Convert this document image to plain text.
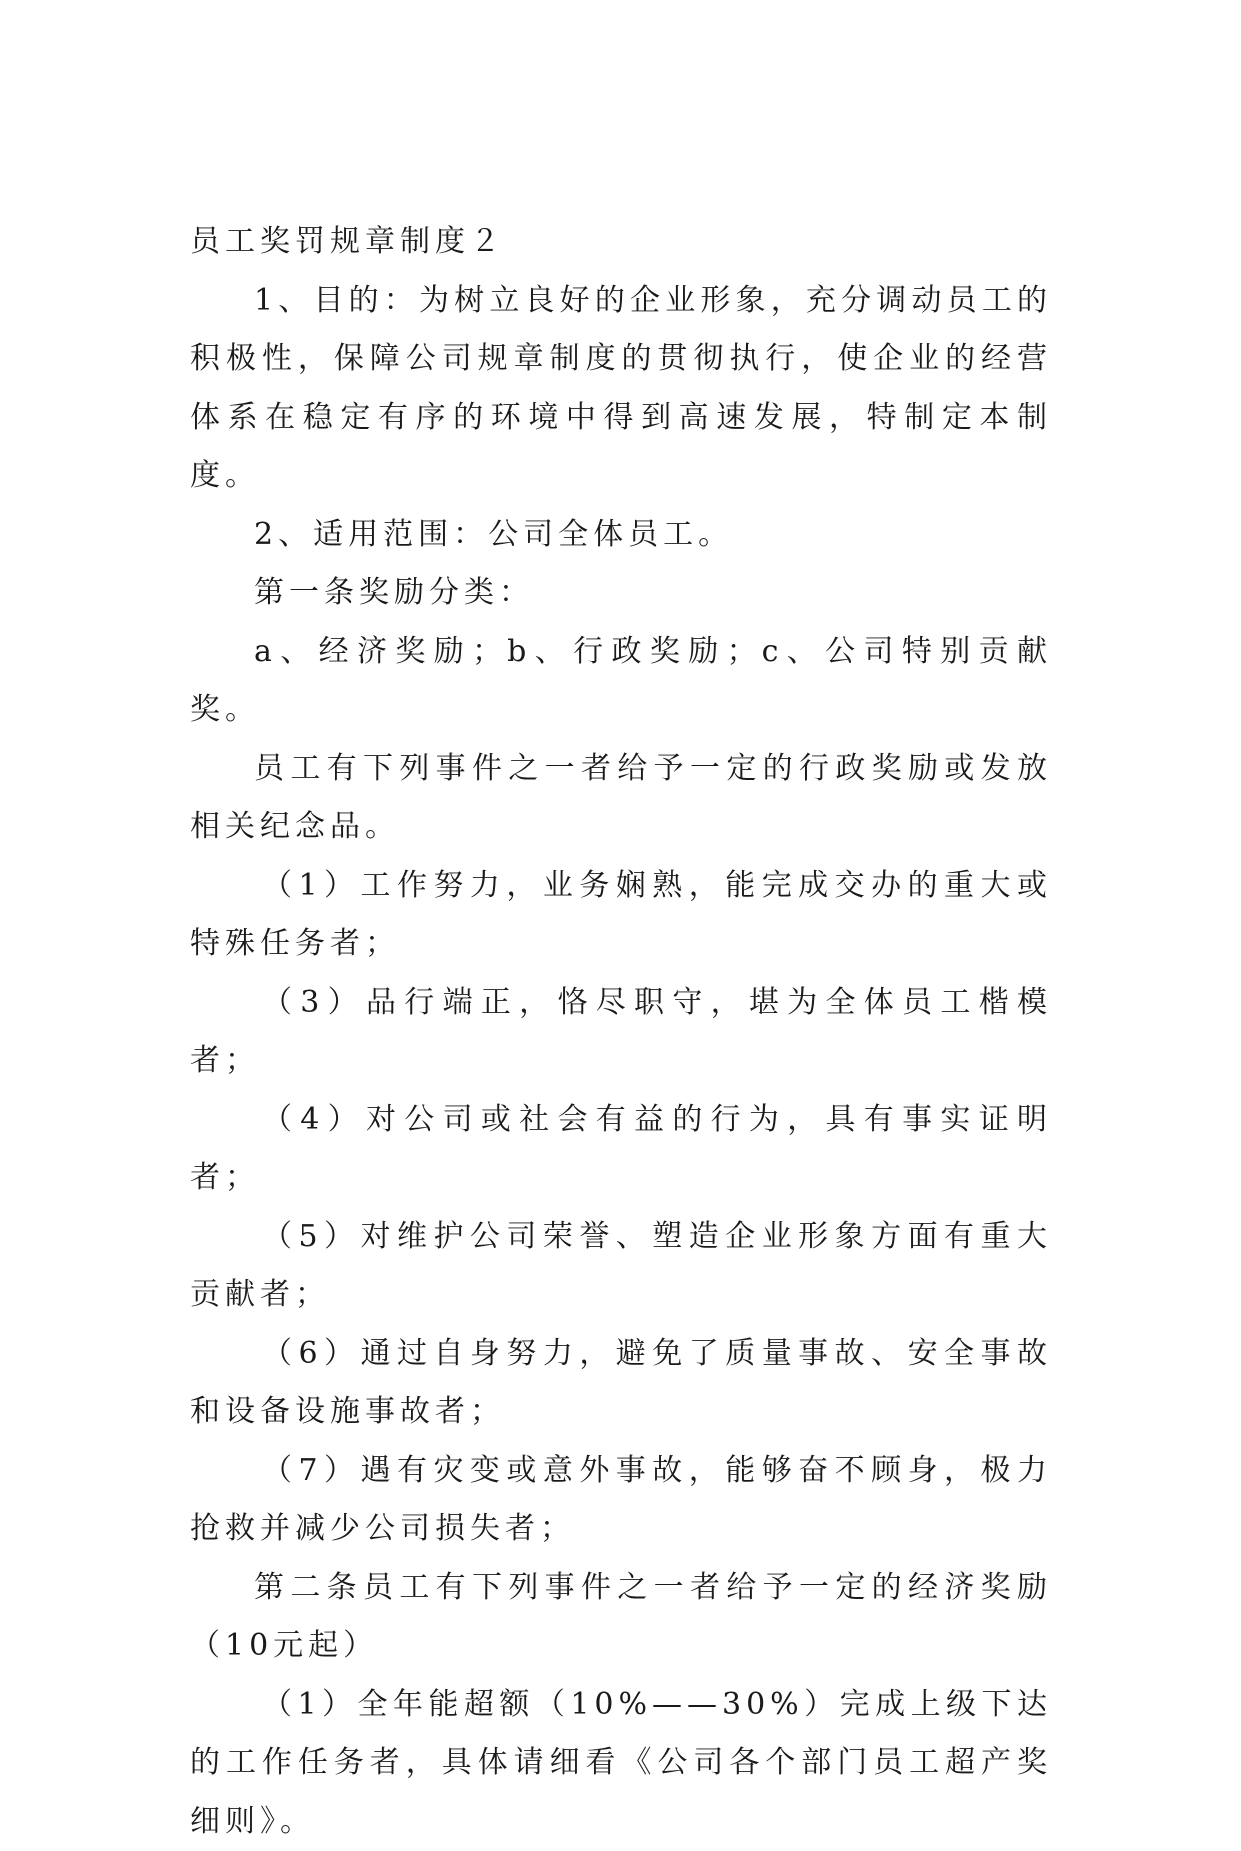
员工奖罚规章制度２

1、目的：为树立良好的企业形象，充分调动员工的积极性，保障公司规章制度的贯彻执行，使企业的经营体系在稳定有序的环境中得到高速发展，特制定本制度。

2、适用范围：公司全体员工。

第一条奖励分类：

a、经济奖励；b、行政奖励；c、公司特别贡献奖。

员工有下列事件之一者给予一定的行政奖励或发放相关纪念品。

（1）工作努力，业务娴熟，能完成交办的重大或特殊任务者；

（3）品行端正，恪尽职守，堪为全体员工楷模者；

（4）对公司或社会有益的行为，具有事实证明者；

（5）对维护公司荣誉、塑造企业形象方面有重大贡献者；

（6）通过自身努力，避免了质量事故、安全事故和设备设施事故者；

（7）遇有灾变或意外事故，能够奋不顾身，极力抢救并减少公司损失者；

第二条员工有下列事件之一者给予一定的经济奖励（10元起）

（1）全年能超额（10%——30%）完成上级下达的工作任务者，具体请细看《公司各个部门员工超产奖细则》。
